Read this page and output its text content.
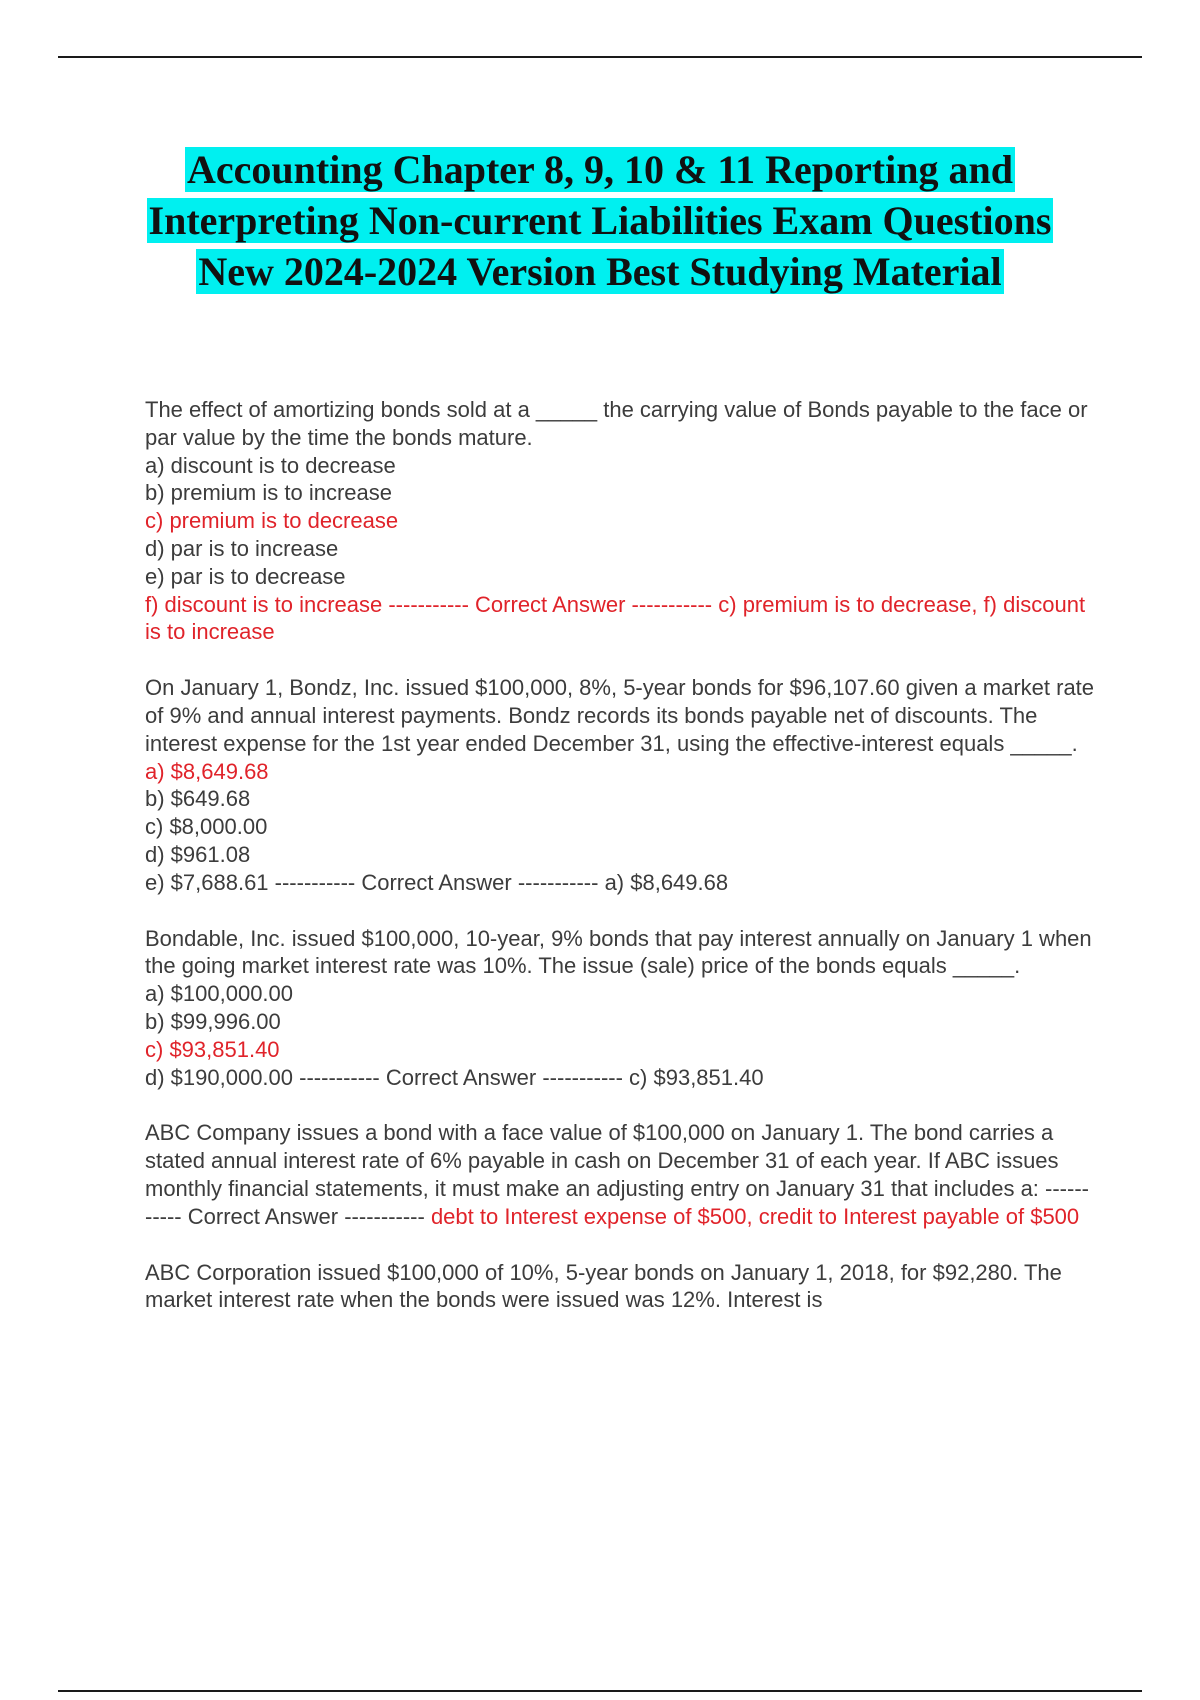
Accounting Chapter 8, 9, 10 & 11 Reporting and Interpreting Non-current Liabilities Exam Questions New 2024-2024 Version Best Studying Material
The effect of amortizing bonds sold at a _____ the carrying value of Bonds payable to the face or par value by the time the bonds mature.
a) discount is to decrease
b) premium is to increase
c) premium is to decrease
d) par is to increase
e) par is to decrease
f) discount is to increase ----------- Correct Answer ----------- c) premium is to decrease, f) discount is to increase
On January 1, Bondz, Inc. issued $100,000, 8%, 5-year bonds for $96,107.60 given a market rate of 9% and annual interest payments. Bondz records its bonds payable net of discounts. The interest expense for the 1st year ended December 31, using the effective-interest equals _____.
a) $8,649.68
b) $649.68
c) $8,000.00
d) $961.08
e) $7,688.61 ----------- Correct Answer ----------- a) $8,649.68
Bondable, Inc. issued $100,000, 10-year, 9% bonds that pay interest annually on January 1 when the going market interest rate was 10%. The issue (sale) price of the bonds equals _____.
a) $100,000.00
b) $99,996.00
c) $93,851.40
d) $190,000.00 ----------- Correct Answer ----------- c) $93,851.40
ABC Company issues a bond with a face value of $100,000 on January 1. The bond carries a stated annual interest rate of 6% payable in cash on December 31 of each year. If ABC issues monthly financial statements, it must make an adjusting entry on January 31 that includes a: ----------- Correct Answer ----------- debt to Interest expense of $500, credit to Interest payable of $500
ABC Corporation issued $100,000 of 10%, 5-year bonds on January 1, 2018, for $92,280. The market interest rate when the bonds were issued was 12%. Interest is
